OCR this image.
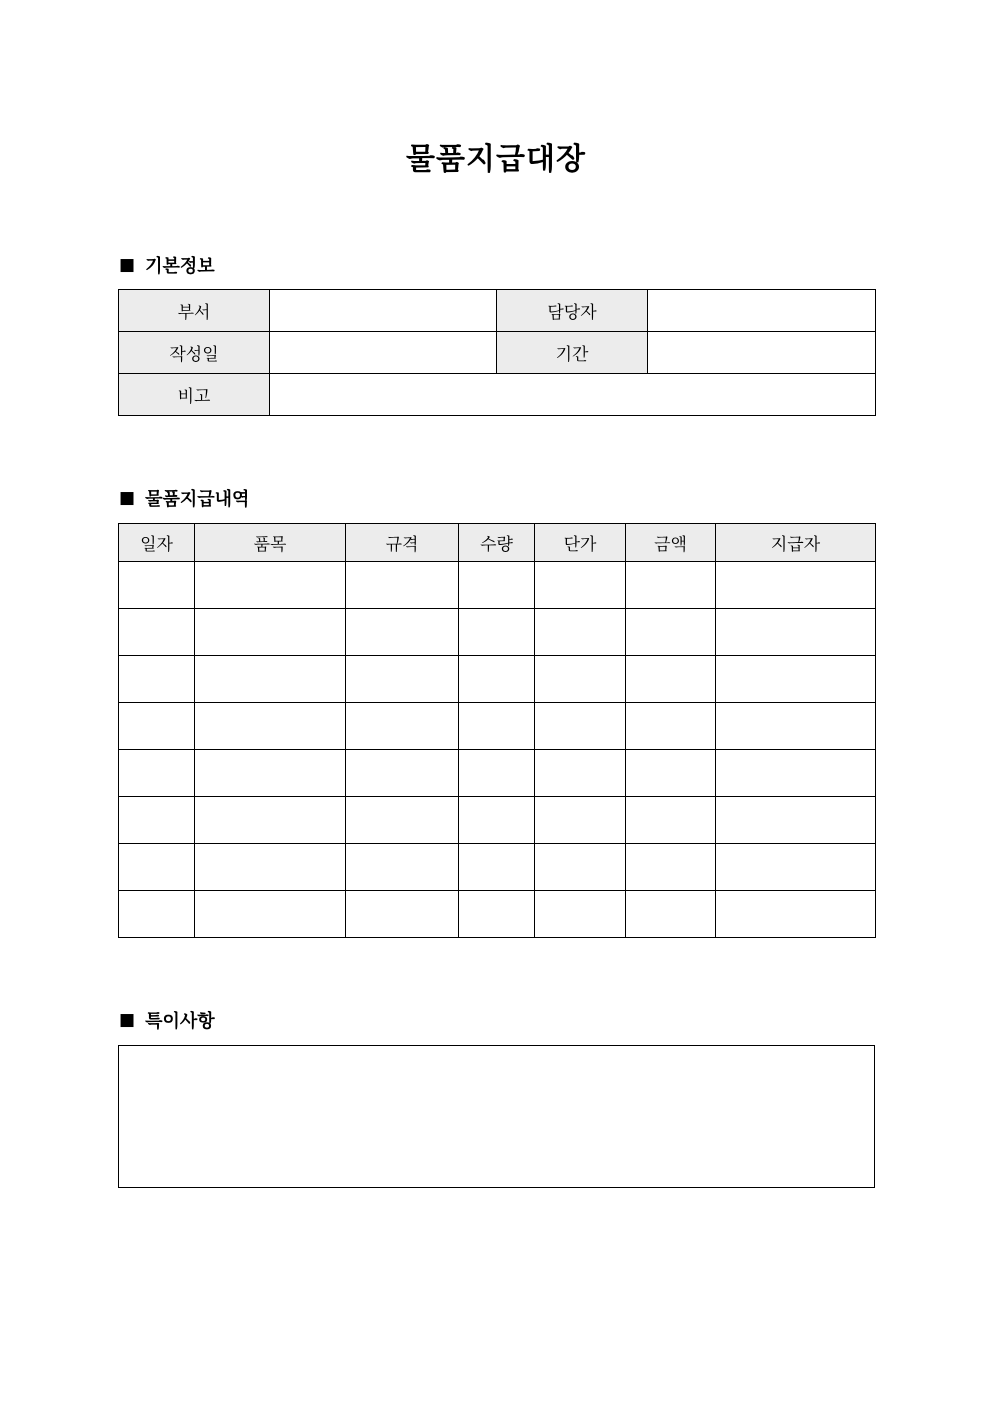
물품지급대장
■ 기본정보
부서		담당자	
작성일		기간	
비고			
■ 물품지급내역
일자	품목	규격	수량	단가	금액	지급자

■ 특이사항
